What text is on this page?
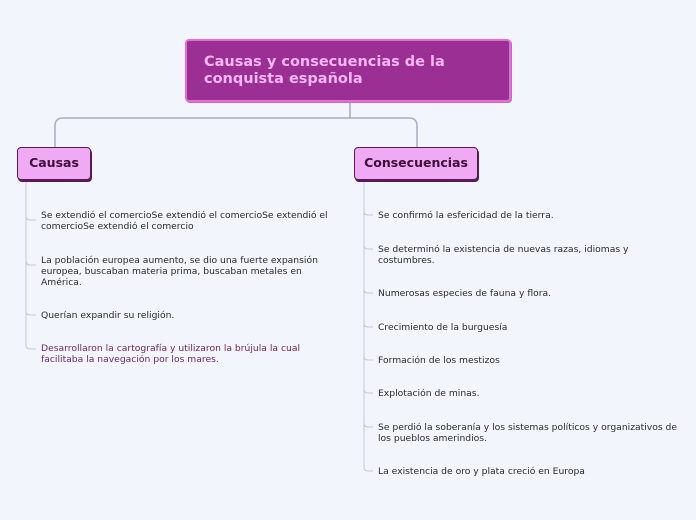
Causas y consecuencias de la conquista española
Causas	Consecuencias
Se extendió el comercioSe extendió el comercioSe extendió el comercioSe extendió el comercio
La población europea aumento, se dio una fuerte expansión europea, buscaban materia prima, buscaban metales en América.
Querían expandir su religión.
Desarrollaron la cartografía y utilizaron la brújula la cual facilitaba la navegación por los mares.
Se confirmó la esfericidad de la tierra.
Se determinó la existencia de nuevas razas, idiomas y costumbres.
Numerosas especies de fauna y flora.
Crecimiento de la burguesía
Formación de los mestizos
Explotación de minas.
Se perdió la soberanía y los sistemas políticos y organizativos de los pueblos amerindios.
La existencia de oro y plata creció en Europa
